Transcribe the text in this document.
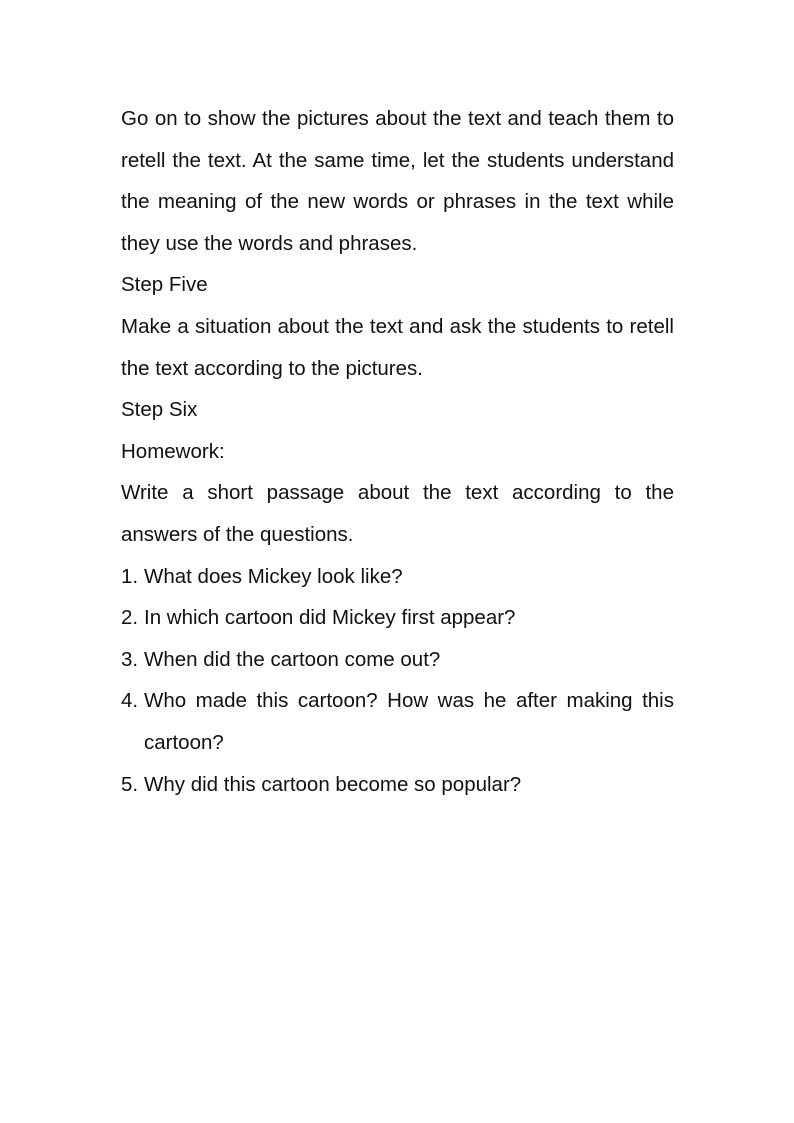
Go on to show the pictures about the text and teach them to retell the text. At the same time, let the students understand the meaning of the new words or phrases in the text while they use the words and phrases.

Step Five

Make a situation about the text and ask the students to retell the text according to the pictures.

Step Six

Homework:

Write a short passage about the text according to the answers of the questions.

1. What does Mickey look like?
2. In which cartoon did Mickey first appear?
3. When did the cartoon come out?
4. Who made this cartoon? How was he after making this cartoon?
5. Why did this cartoon become so popular?
